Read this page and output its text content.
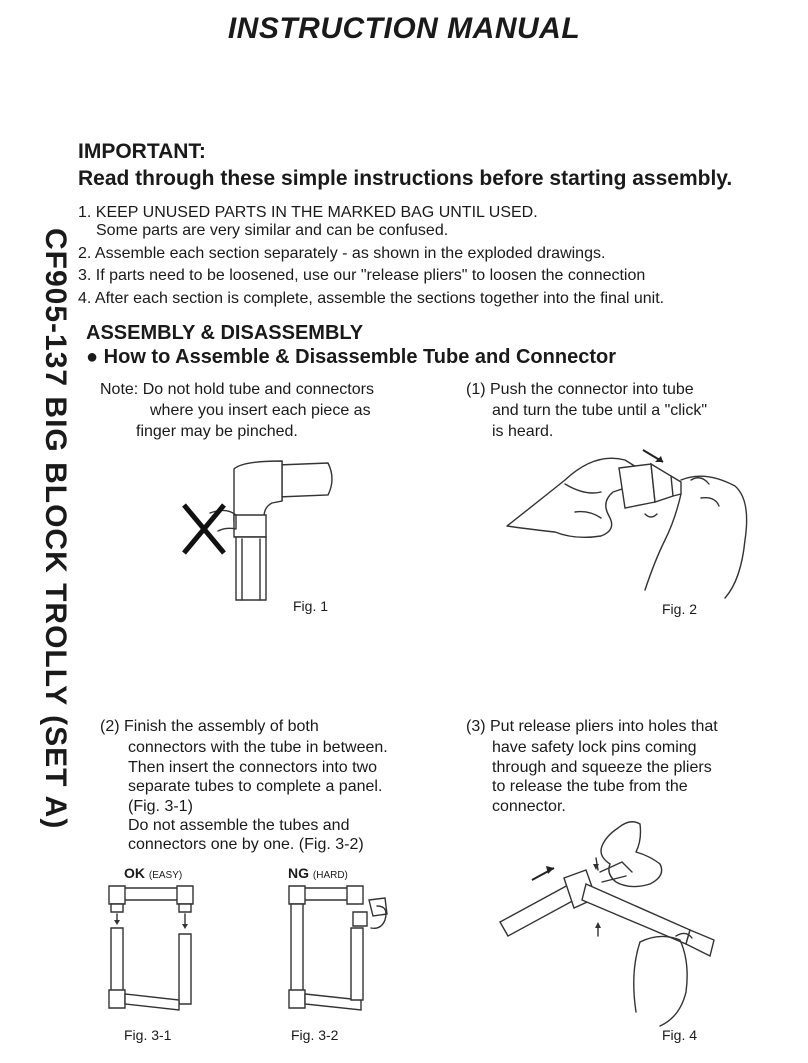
INSTRUCTION MANUAL
CF905-137 BIG BLOCK TROLLY (SET A)
IMPORTANT:
Read through these simple instructions before starting assembly.
1. KEEP UNUSED PARTS IN THE MARKED BAG UNTIL USED.
Some parts are very similar and can be confused.
2. Assemble each section separately - as shown in the exploded drawings.
3. If parts need to be loosened, use our "release pliers" to loosen the connection
4. After each section is complete, assemble the sections together into the final unit.
ASSEMBLY & DISASSEMBLY
● How to Assemble & Disassemble Tube and Connector
Note: Do not hold tube and connectors
where you insert each piece as
finger may be pinched.
(1) Push the connector into tube
and turn the tube until a "click"
is heard.
Fig. 1	Fig. 2
(2) Finish the assembly of both
connectors with the tube in between.
Then insert the connectors into two
separate tubes to complete a panel.
(Fig. 3-1)
Do not assemble the tubes and
connectors one by one. (Fig. 3-2)
(3) Put release pliers into holes that
have safety lock pins coming
through and squeeze the pliers
to release the tube from the
connector.
OK (EASY)	NG (HARD)
Fig. 3-1	Fig. 3-2	Fig. 4
